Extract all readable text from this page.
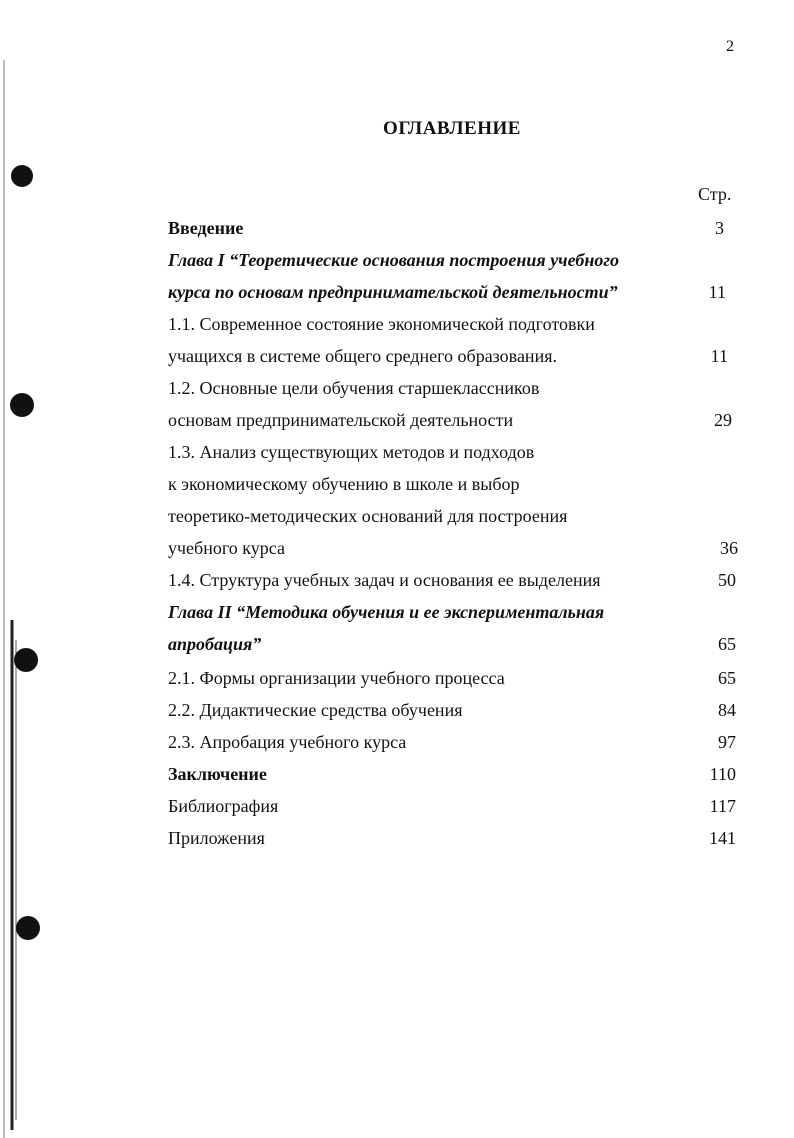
2
ОГЛАВЛЕНИЕ
Стр.
Введение	3
Глава I “Теоретические основания построения учебного
курса по основам предпринимательской деятельности”	11
1.1. Современное состояние экономической подготовки
учащихся в системе общего среднего образования.	11
1.2. Основные цели обучения старшеклассников
основам предпринимательской деятельности	29
1.3. Анализ существующих методов и подходов
к экономическому обучению в школе и выбор
теоретико-методических оснований для построения
учебного курса	36
1.4. Структура учебных задач и основания ее выделения	50
Глава II “Методика обучения и ее экспериментальная
апробация”	65
2.1. Формы организации учебного процесса	65
2.2. Дидактические средства обучения	84
2.3. Апробация учебного курса	97
Заключение	110
Библиография	117
Приложения	141
